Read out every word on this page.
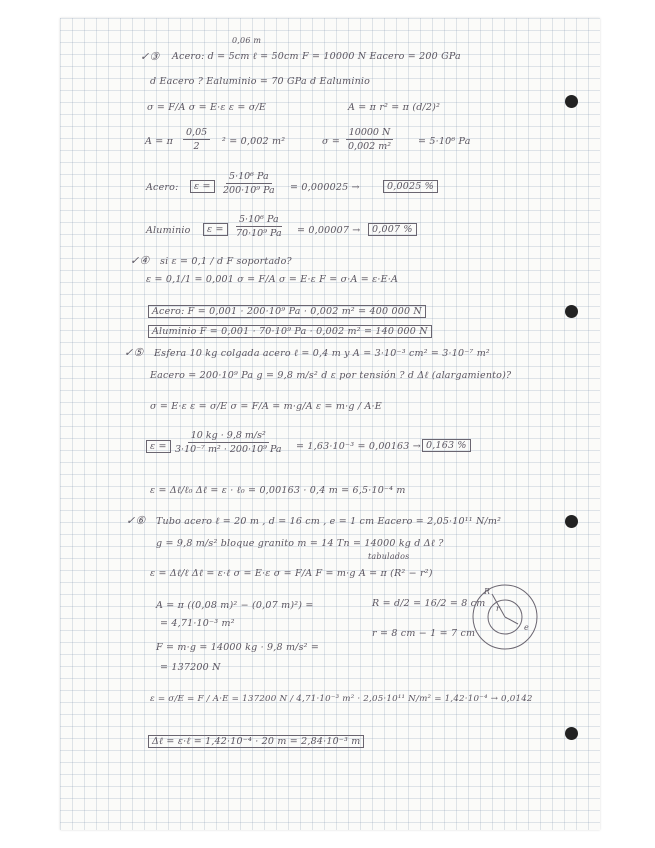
0,06 m
✓③ Acero: d = 5cm ℓ = 50cm F = 10000 N Eacero = 200 GPa
d Eacero ? Ealuminio = 70 GPa d Ealuminio
σ = F/A σ = E·ε ε = σ/E	A = π r² = π (d/2)²
A = π $\frac{0,05}{2} ^2 = 0,002$ m²	$\sigma = \frac{10000 N}{\text{0,002 m²}}$	= 5·10⁶ Pa
Acero:	$\varepsilon = \frac{\text{5·10⁶ Pa}}{\text{200·10⁹ Pa}} = 0,000025$ →	0,0025 %
Aluminio	$\varepsilon = \frac{\text{5·10⁶ Pa}}{\text{70·10⁹ Pa}} = 0,00007$ →	0,007 %
✓④ si ε = 0,1 / d F soportado?
ε = 0,1/1 = 0,001 σ = F/A σ = E·ε F = σ·A = ε·E·A
Acero: F = 0,001 · 200·10⁹ Pa · 0,002 m² = 400 000 N
Aluminio F = 0,001 · 70·10⁹ Pa · 0,002 m² = 140 000 N
✓⑤ Esfera 10 kg colgada acero ℓ = 0,4 m y A = 3·10⁻³ cm² = 3·10⁻⁷ m²
Eacero = 200·10⁹ Pa g = 9,8 m/s² d ε por tensión ? d Δℓ (alargamiento)?
σ = E·ε ε = σ/E σ = F/A = m·g/A ε = m·g / A·E
$\varepsilon = \frac{\text{10 kg · 9,8 m/s²}}{\text{3·10⁻⁷ m² · 200·10⁹ Pa}} = 1,63\cdot 10^{-3} = 0,00163 \to 0,163$ %
ε = Δℓ/ℓ₀ Δℓ = ε · ℓ₀ = 0,00163 · 0,4 m = 6,5·10⁻⁴ m
✓⑥ Tubo acero ℓ = 20 m , d = 16 cm , e = 1 cm Eacero = 2,05·10¹¹ N/m²
g = 9,8 m/s² bloque granito m = 14 Tn = 14000 kg d Δℓ ?
tabulados
ε = Δℓ/ℓ Δℓ = ε·ℓ σ = E·ε σ = F/A F = m·g A = π (R² − r²)
A = π ((0,08 m)² − (0,07 m)²) =
= 4,71·10⁻³ m²
R = d/2 = 16/2 = 8 cm
r = 8 cm − 1 = 7 cm
F = m·g = 14000 kg · 9,8 m/s² =
= 137200 N
R
r
e
ε = σ/E = F / A·E = 137200 N / 4,71·10⁻³ m² · 2,05·10¹¹ N/m² = 1,42·10⁻⁴ → 0,0142
Δℓ = ε·ℓ = 1,42·10⁻⁴ · 20 m = 2,84·10⁻³ m
